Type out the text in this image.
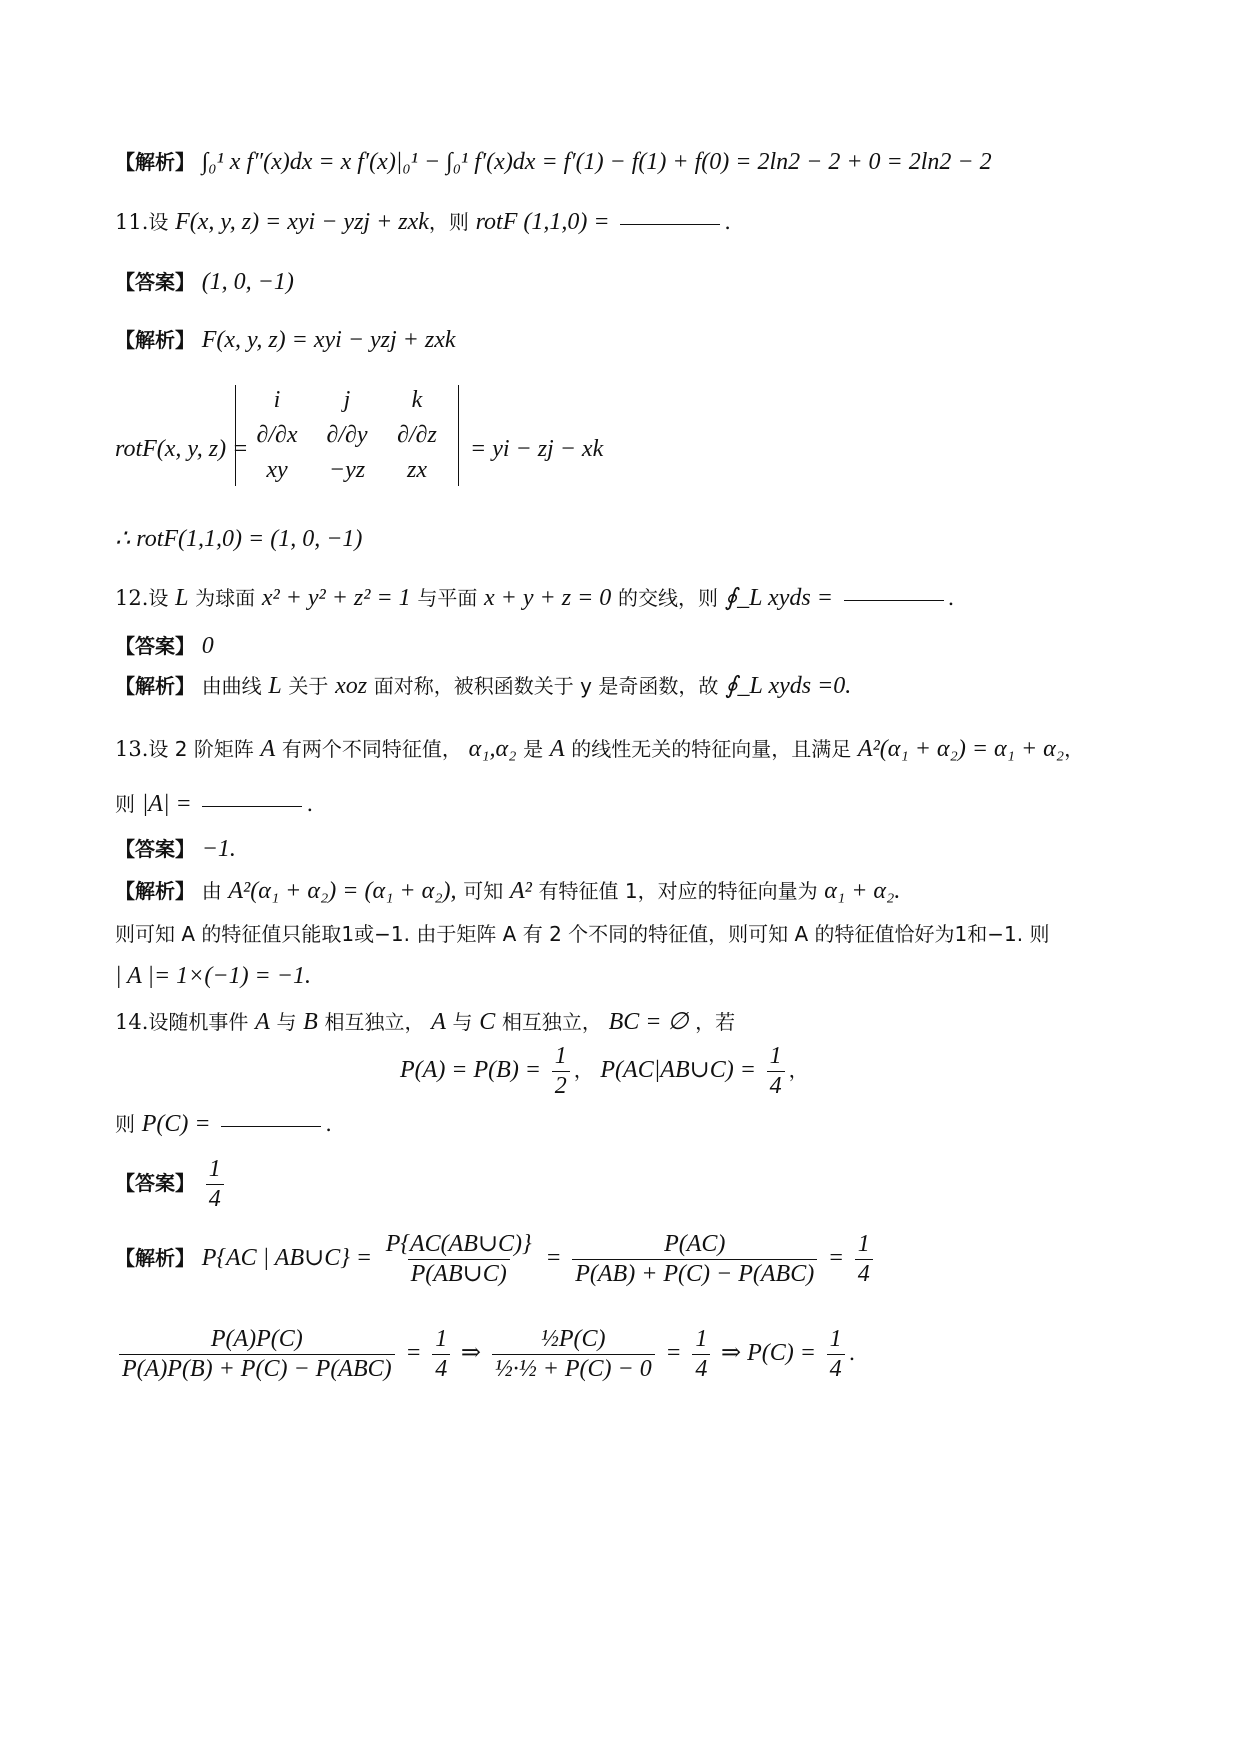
【解析】 ∫₀¹ x f″(x)dx = x f′(x)|₀¹ − ∫₀¹ f′(x)dx = f′(1) − f(1) + f(0) = 2ln2 − 2 + 0 = 2ln2 − 2
11.设 F(x, y, z) = xyi − yzj + zxk，则 rotF (1,1,0) =	.
【答案】 (1, 0, −1)
【解析】 F(x, y, z) = xyi − yzj + zxk
rotF(x, y, z) =
i	j	k
∂/∂x	∂/∂y	∂/∂z
xy	−yz	zx
= yi − zj − xk
∴ rotF(1,1,0) = (1, 0, −1)
12.设 L 为球面 x² + y² + z² = 1 与平面 x + y + z = 0 的交线，则 ∮_L xyds =	.
【答案】 0
【解析】 由曲线 L 关于 xoz 面对称，被积函数关于 y 是奇函数，故 ∮_L xyds =0.
13.设 2 阶矩阵 A 有两个不同特征值， α₁,α₂ 是 A 的线性无关的特征向量，且满足 A²(α₁ + α₂) = α₁ + α₂，
则 |A| =	.
【答案】 −1.
【解析】 由 A²(α₁ + α₂) = (α₁ + α₂), 可知 A² 有特征值 1，对应的特征向量为 α₁ + α₂.
则可知 A 的特征值只能取1或−1. 由于矩阵 A 有 2 个不同的特征值，则可知 A 的特征值恰好为1和−1. 则
| A |= 1×(−1) = −1.
14.设随机事件 A 与 B 相互独立， A 与 C 相互独立， BC = ∅ ，若
$P(A) = P(B) = \frac{1}{2}$ ， P(AC|AB∪C) = $\frac{1}{4}$ ，
则 P(C) =	.
【答案】 $\frac{1}{4}$
【解析】 P{AC | AB∪C} = $\frac{P\{AC(AB\cup C)\}}{P(AB\cup C)} = \frac{P(AC)}{\text{P(AB) + P(C) − P(ABC)}} = \frac{1}{4}$
$\frac{P(A)P(C)}{\text{P(A)P(B) + P(C) − P(ABC)}} = \frac{1}{4}$ ⇒ $\frac{\text{½P(C)}}{\text{½·½ + P(C) − 0}} = \frac{1}{4}$ ⇒ $P(C) = \frac{1}{4}$ .
